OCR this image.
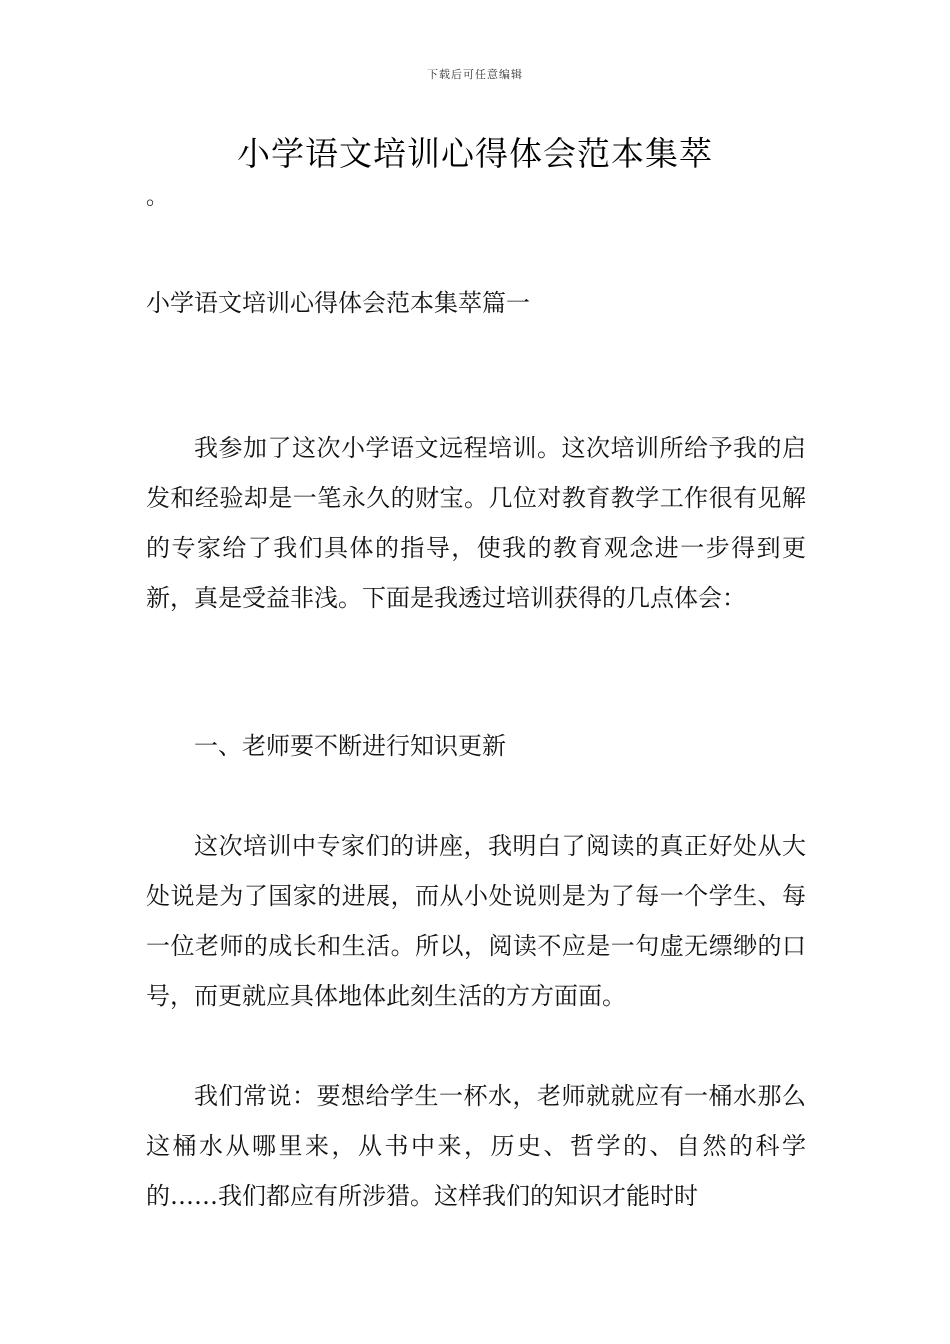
下载后可任意编辑
小学语文培训心得体会范本集萃
。
小学语文培训心得体会范本集萃篇一

我参加了这次小学语文远程培训。这次培训所给予我的启发和经验却是一笔永久的财宝。几位对教育教学工作很有见解的专家给了我们具体的指导，使我的教育观念进一步得到更新，真是受益非浅。下面是我透过培训获得的几点体会：

一、老师要不断进行知识更新

这次培训中专家们的讲座，我明白了阅读的真正好处从大处说是为了国家的进展，而从小处说则是为了每一个学生、每一位老师的成长和生活。所以，阅读不应是一句虚无缥缈的口号，而更就应具体地体此刻生活的方方面面。

我们常说：要想给学生一杯水，老师就就应有一桶水那么这桶水从哪里来，从书中来，历史、哲学的、自然的科学的……我们都应有所涉猎。这样我们的知识才能时时
